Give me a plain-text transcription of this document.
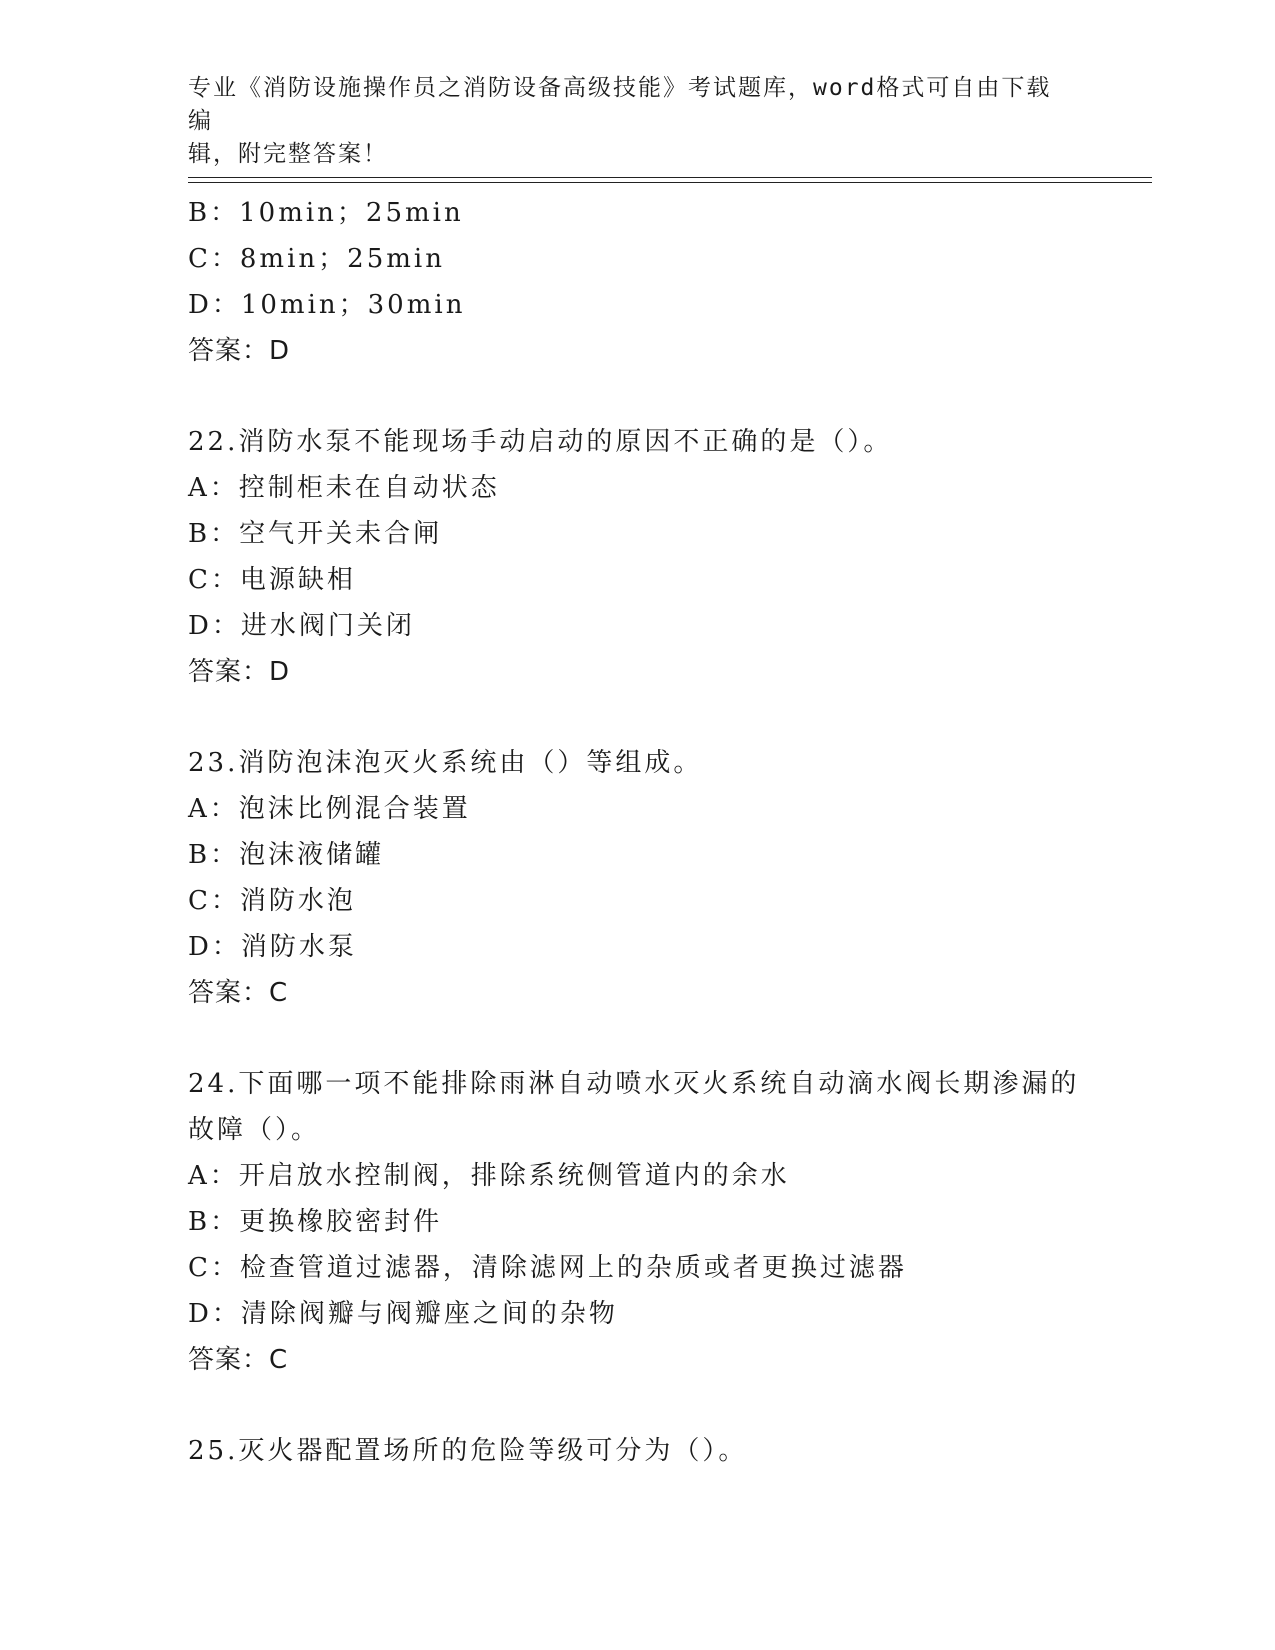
专业《消防设施操作员之消防设备高级技能》考试题库，word格式可自由下载编
辑，附完整答案！
B：10min；25min
C：8min；25min
D：10min；30min
答案：D
22.消防水泵不能现场手动启动的原因不正确的是（）。
A：控制柜未在自动状态
B：空气开关未合闸
C：电源缺相
D：进水阀门关闭
答案：D
23.消防泡沫泡灭火系统由（）等组成。
A：泡沫比例混合装置
B：泡沫液储罐
C：消防水泡
D：消防水泵
答案：C
24.下面哪一项不能排除雨淋自动喷水灭火系统自动滴水阀长期渗漏的
故障（）。
A：开启放水控制阀，排除系统侧管道内的余水
B：更换橡胶密封件
C：检查管道过滤器，清除滤网上的杂质或者更换过滤器
D：清除阀瓣与阀瓣座之间的杂物
答案：C
25.灭火器配置场所的危险等级可分为（）。
